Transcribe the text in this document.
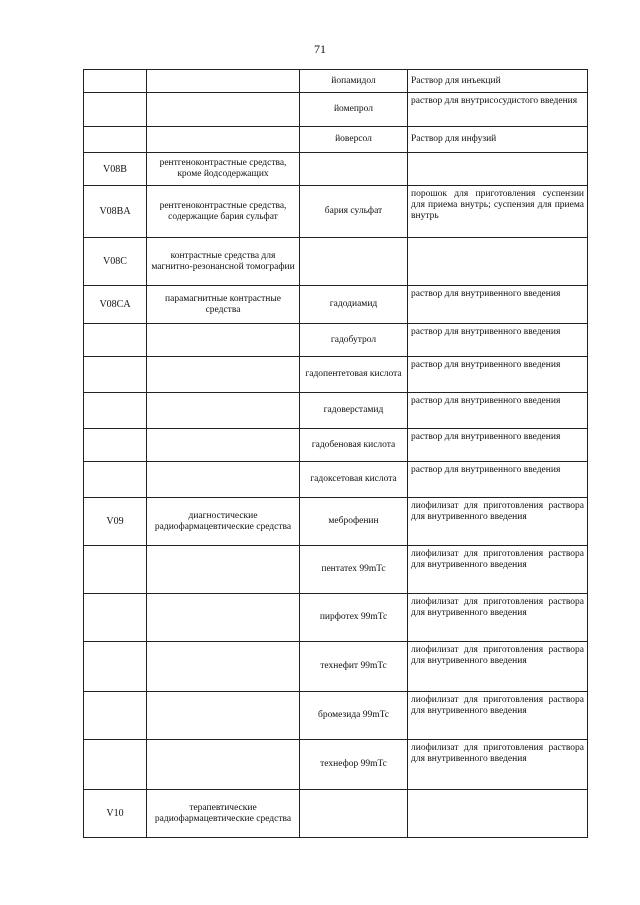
71
		йопамидол	Раствор для инъекций
		йомепрол	раствор для внутрисосудистого введения
		йоверсол	Раствор для инфузий
V08B	рентгеноконтрастные средства, кроме йодсодержащих		
V08BA	рентгеноконтрастные средства, содержащие бария сульфат	бария сульфат	порошок для приготовления суспензии для приема внутрь; суспензия для приема внутрь
V08C	контрастные средства для магнитно-резонансной томографии		
V08CA	парамагнитные контрастные средства	гадодиамид	раствор для внутривенного введения
		гадобутрол	раствор для внутривенного введения
		гадопентетовая кислота	раствор для внутривенного введения
		гадоверстамид	раствор для внутривенного введения
		гадобеновая кислота	раствор для внутривенного введения
		гадоксетовая кислота	раствор для внутривенного введения
V09	диагностические радиофармацевтические средства	меброфенин	лиофилизат для приготовления раствора для внутривенного введения
		пентатех 99mTc	лиофилизат для приготовления раствора для внутривенного введения
		пирфотех 99mTc	лиофилизат для приготовления раствора для внутривенного введения
		технефит 99mTc	лиофилизат для приготовления раствора для внутривенного введения
		бромезида 99mTc	лиофилизат для приготовления раствора для внутривенного введения
		технефор 99mTc	лиофилизат для приготовления раствора для внутривенного введения
V10	терапевтические радиофармацевтические средства		
